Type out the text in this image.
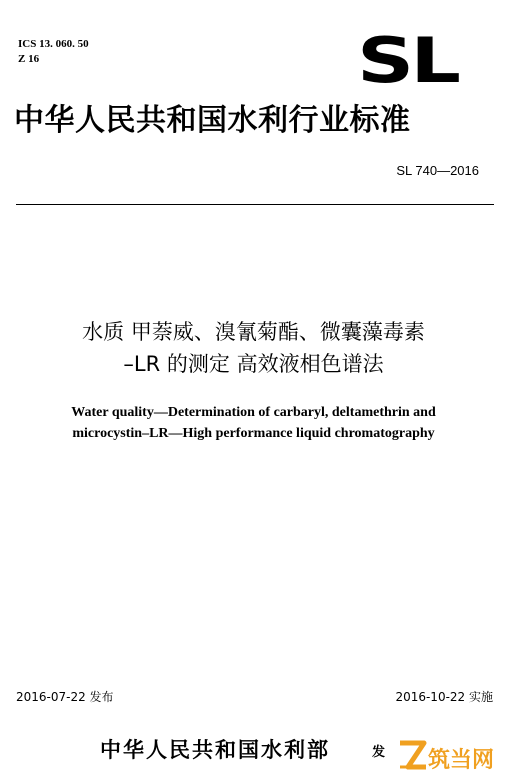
ICS 13. 060. 50
Z 16	SL
中华人民共和国水利行业标准
SL 740—2016
水质 甲萘威、溴氰菊酯、微囊藻毒素
–LR 的测定 高效液相色谱法
Water quality—Determination of carbaryl, deltamethrin and
microcystin–LR—High performance liquid chromatography
2016-07-22 发布	2016-10-22 实施
中华人民共和国水利部	发 筑当网
